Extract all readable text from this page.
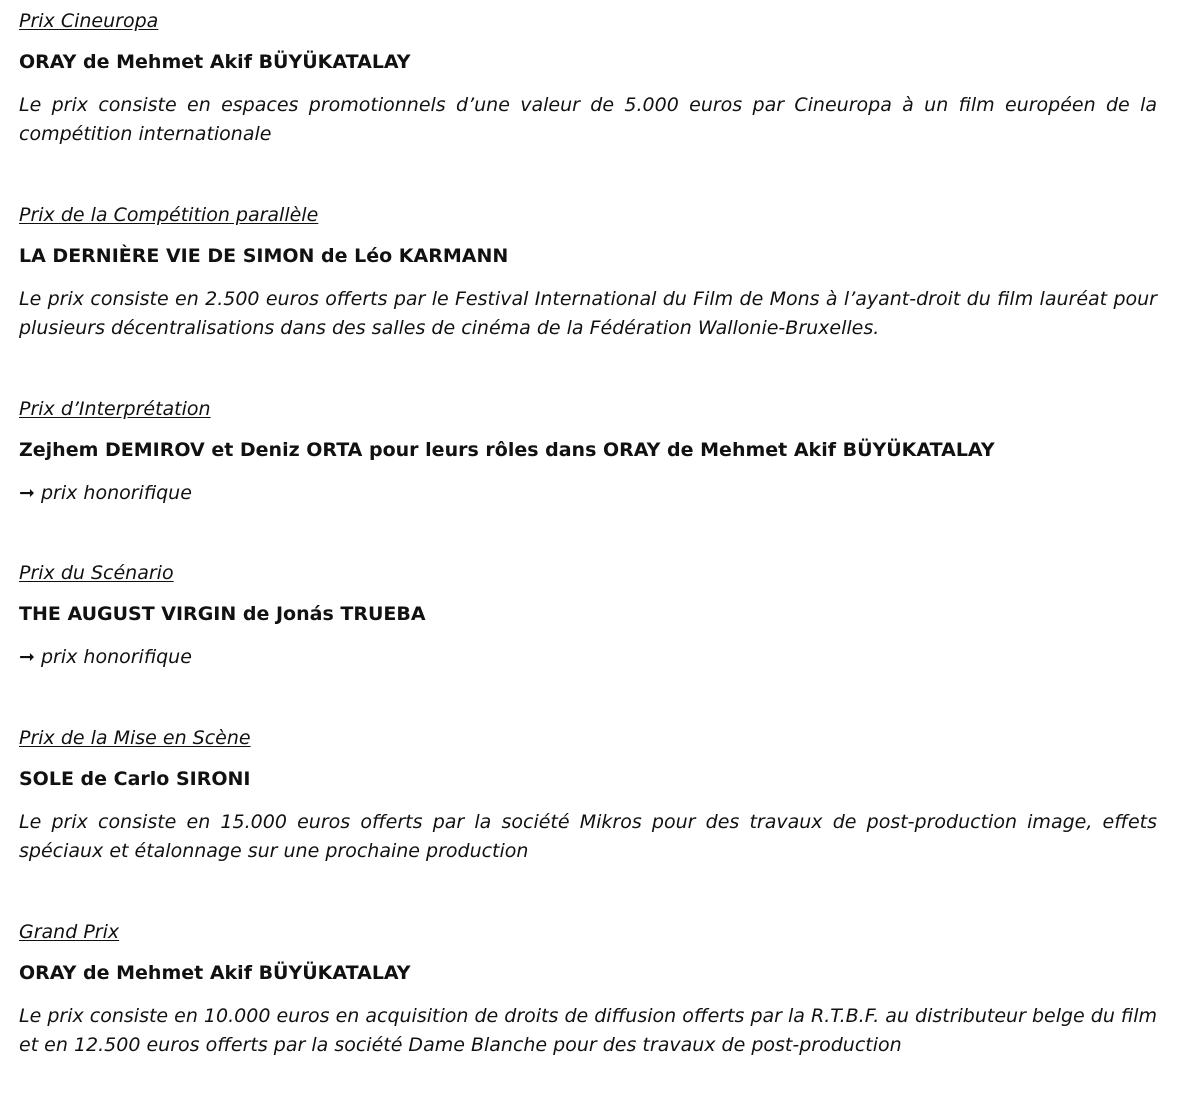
Prix Cineuropa

ORAY de Mehmet Akif BÜYÜKATALAY

Le prix consiste en espaces promotionnels d’une valeur de 5.000 euros par Cineuropa à un film européen de la compétition internationale

Prix de la Compétition parallèle

LA DERNIÈRE VIE DE SIMON de Léo KARMANN

Le prix consiste en 2.500 euros offerts par le Festival International du Film de Mons à l’ayant-droit du film lauréat pour plusieurs décentralisations dans des salles de cinéma de la Fédération Wallonie-Bruxelles.

Prix d’Interprétation

Zejhem DEMIROV et Deniz ORTA pour leurs rôles dans ORAY de Mehmet Akif BÜYÜKATALAY

➞ prix honorifique

Prix du Scénario

THE AUGUST VIRGIN de Jonás TRUEBA

➞ prix honorifique

Prix de la Mise en Scène

SOLE de Carlo SIRONI

Le prix consiste en 15.000 euros offerts par la société Mikros pour des travaux de post-production image, effets spéciaux et étalonnage sur une prochaine production

Grand Prix

ORAY de Mehmet Akif BÜYÜKATALAY

Le prix consiste en 10.000 euros en acquisition de droits de diffusion offerts par la R.T.B.F. au distributeur belge du film et en 12.500 euros offerts par la société Dame Blanche pour des travaux de post-production
